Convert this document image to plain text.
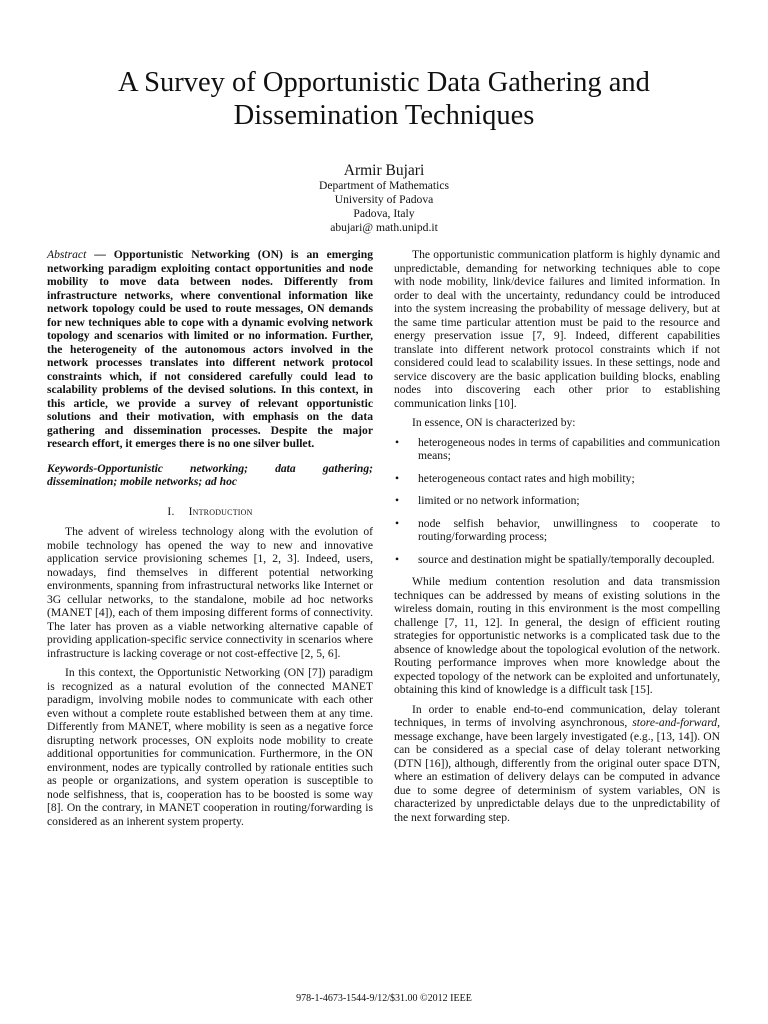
A Survey of Opportunistic Data Gathering and Dissemination Techniques
Armir Bujari
Department of Mathematics
University of Padova
Padova, Italy
abujari@ math.unipd.it

Abstract — Opportunistic Networking (ON) is an emerging networking paradigm exploiting contact opportunities and node mobility to move data between nodes. Differently from infrastructure networks, where conventional information like network topology could be used to route messages, ON demands for new techniques able to cope with a dynamic evolving network topology and scenarios with limited or no information. Further, the heterogeneity of the autonomous actors involved in the network processes translates into different network protocol constraints which, if not considered carefully could lead to scalability problems of the devised solutions. In this context, in this article, we provide a survey of relevant opportunistic solutions and their motivation, with emphasis on the data gathering and dissemination processes. Despite the major research effort, it emerges there is no one silver bullet.

Keywords-Opportunistic networking; data gathering; dissemination; mobile networks; ad hoc

I. Introduction

The advent of wireless technology along with the evolution of mobile technology has opened the way to new and innovative application service provisioning schemes [1, 2, 3]. Indeed, users, nowadays, find themselves in different potential networking environments, spanning from infrastructural networks like Internet or 3G cellular networks, to the standalone, mobile ad hoc networks (MANET [4]), each of them imposing different forms of connectivity. The later has proven as a viable networking alternative capable of providing application-specific service connectivity in scenarios where infrastructure is lacking coverage or not cost-effective [2, 5, 6].

In this context, the Opportunistic Networking (ON [7]) paradigm is recognized as a natural evolution of the connected MANET paradigm, involving mobile nodes to communicate with each other even without a complete route established between them at any time. Differently from MANET, where mobility is seen as a negative force disrupting network processes, ON exploits node mobility to create additional opportunities for communication. Furthermore, in the ON environment, nodes are typically controlled by rationale entities such as people or organizations, and system operation is susceptible to node selfishness, that is, cooperation has to be boosted is some way [8]. On the contrary, in MANET cooperation in routing/forwarding is considered as an inherent system property.

The opportunistic communication platform is highly dynamic and unpredictable, demanding for networking techniques able to cope with node mobility, link/device failures and limited information. In order to deal with the uncertainty, redundancy could be introduced into the system increasing the probability of message delivery, but at the same time particular attention must be paid to the resource and energy preservation issue [7, 9]. Indeed, different capabilities translate into different network protocol constraints which if not considered could lead to scalability issues. In these settings, node and service discovery are the basic application building blocks, enabling nodes into discovering each other prior to establishing communication links [10].

In essence, ON is characterized by:

• heterogeneous nodes in terms of capabilities and communication means;
• heterogeneous contact rates and high mobility;
• limited or no network information;
• node selfish behavior, unwillingness to cooperate to routing/forwarding process;
• source and destination might be spatially/temporally decoupled.

While medium contention resolution and data transmission techniques can be addressed by means of existing solutions in the wireless domain, routing in this environment is the most compelling challenge [7, 11, 12]. In general, the design of efficient routing strategies for opportunistic networks is a complicated task due to the absence of knowledge about the topological evolution of the network. Routing performance improves when more knowledge about the expected topology of the network can be exploited and unfortunately, obtaining this kind of knowledge is a difficult task [15].

In order to enable end-to-end communication, delay tolerant techniques, in terms of involving asynchronous, store-and-forward, message exchange, have been largely investigated (e.g., [13, 14]). ON can be considered as a special case of delay tolerant networking (DTN [16]), although, differently from the original outer space DTN, where an estimation of delivery delays can be computed in advance due to some degree of determinism of system variables, ON is characterized by unpredictable delays due to the unpredictability of the next forwarding step.

978-1-4673-1544-9/12/$31.00 ©2012 IEEE
